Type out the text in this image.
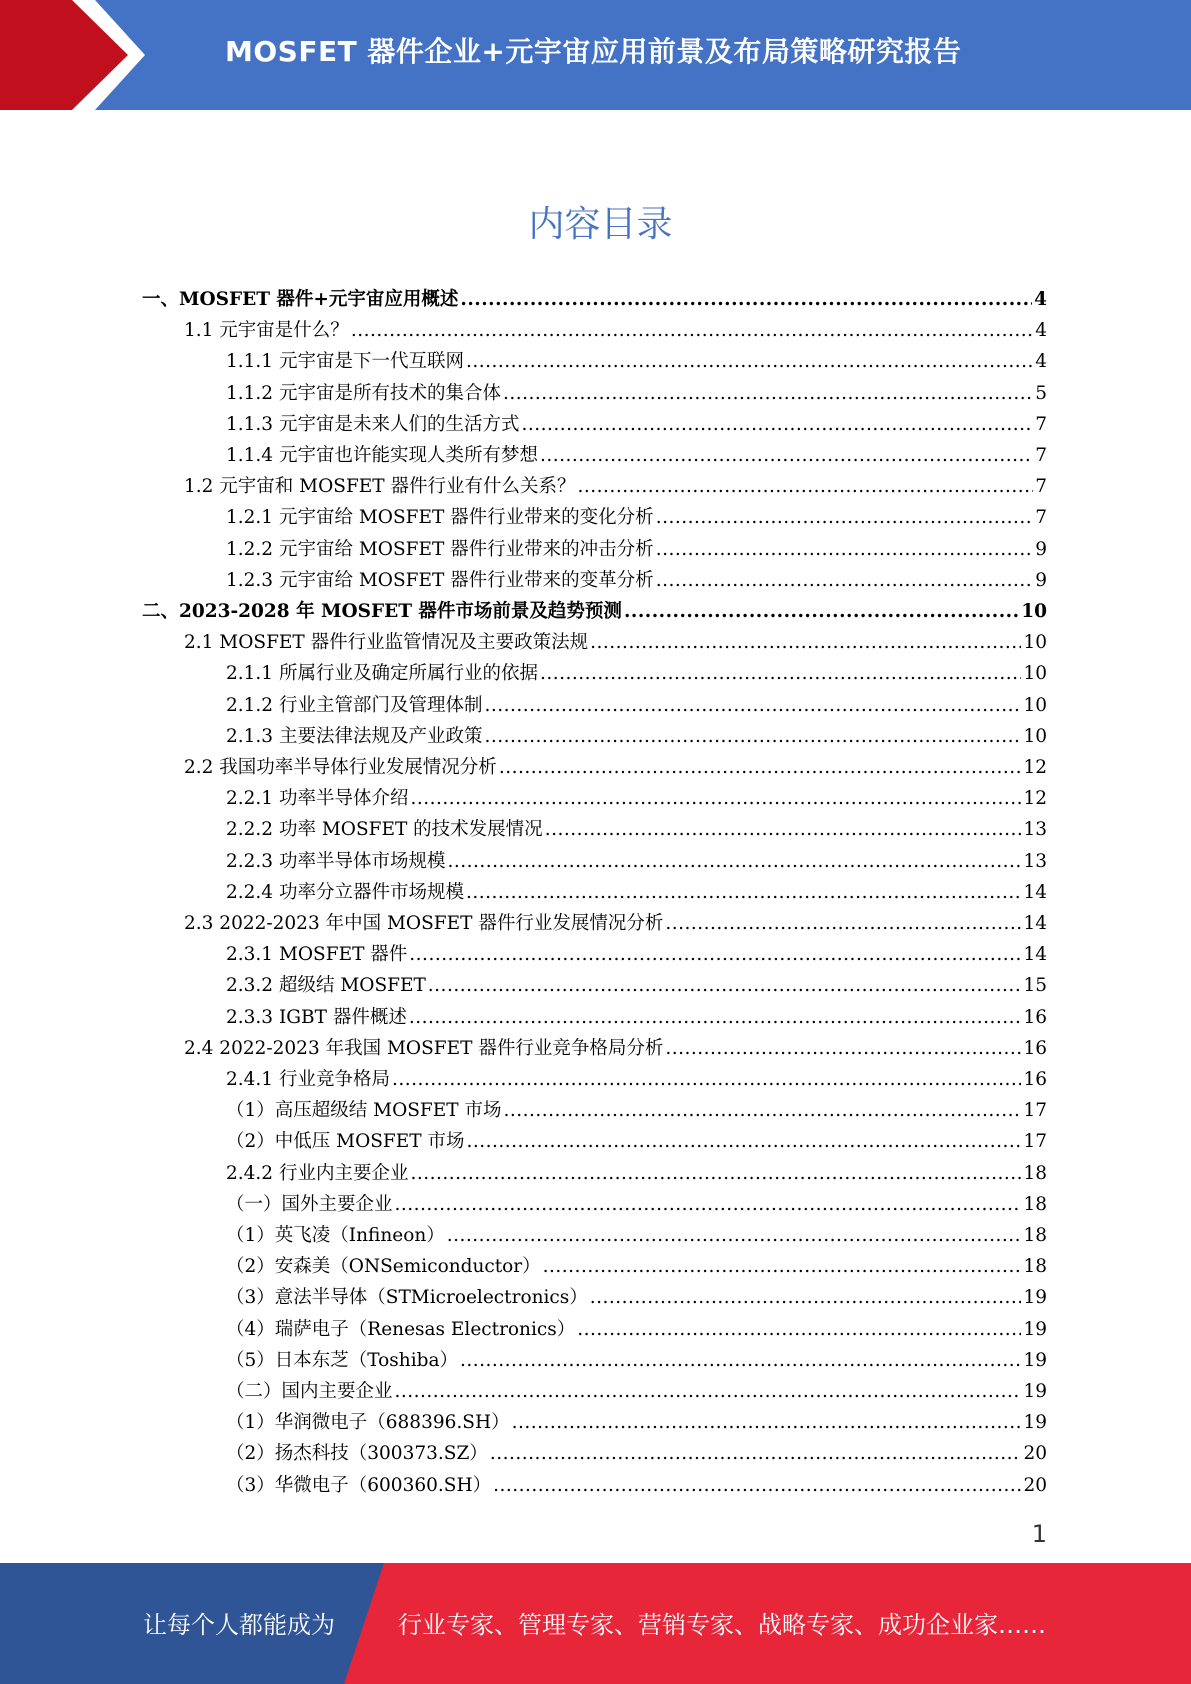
MOSFET 器件企业+元宇宙应用前景及布局策略研究报告
内容目录
一、MOSFET 器件+元宇宙应用概述 .....	4
1.1 元宇宙是什么？ .....	4
1.1.1 元宇宙是下一代互联网 .....	4
1.1.2 元宇宙是所有技术的集合体 .....	5
1.1.3 元宇宙是未来人们的生活方式 .....	7
1.1.4 元宇宙也许能实现人类所有梦想 .....	7
1.2 元宇宙和 MOSFET 器件行业有什么关系？ .....	7
1.2.1 元宇宙给 MOSFET 器件行业带来的变化分析 .....	7
1.2.2 元宇宙给 MOSFET 器件行业带来的冲击分析 .....	9
1.2.3 元宇宙给 MOSFET 器件行业带来的变革分析 .....	9
二、2023-2028 年 MOSFET 器件市场前景及趋势预测 .....	10
2.1 MOSFET 器件行业监管情况及主要政策法规 .....	10
2.1.1 所属行业及确定所属行业的依据 .....	10
2.1.2 行业主管部门及管理体制 .....	10
2.1.3 主要法律法规及产业政策 .....	10
2.2 我国功率半导体行业发展情况分析 .....	12
2.2.1 功率半导体介绍 .....	12
2.2.2 功率 MOSFET 的技术发展情况 .....	13
2.2.3 功率半导体市场规模 .....	13
2.2.4 功率分立器件市场规模 .....	14
2.3 2022-2023 年中国 MOSFET 器件行业发展情况分析 .....	14
2.3.1 MOSFET 器件 .....	14
2.3.2 超级结 MOSFET .....	15
2.3.3 IGBT 器件概述 .....	16
2.4 2022-2023 年我国 MOSFET 器件行业竞争格局分析 .....	16
2.4.1 行业竞争格局 .....	16
（1）高压超级结 MOSFET 市场 .....	17
（2）中低压 MOSFET 市场 .....	17
2.4.2 行业内主要企业 .....	18
（一）国外主要企业 .....	18
（1）英飞凌（Infineon） .....	18
（2）安森美（ONSemiconductor） .....	18
（3）意法半导体（STMicroelectronics） .....	19
（4）瑞萨电子（Renesas Electronics） .....	19
（5）日本东芝（Toshiba） .....	19
（二）国内主要企业 .....	19
（1）华润微电子（688396.SH） .....	19
（2）扬杰科技（300373.SZ） .....	20
（3）华微电子（600360.SH） .....	20
1
让每个人都能成为	行业专家、管理专家、营销专家、战略专家、成功企业家……
